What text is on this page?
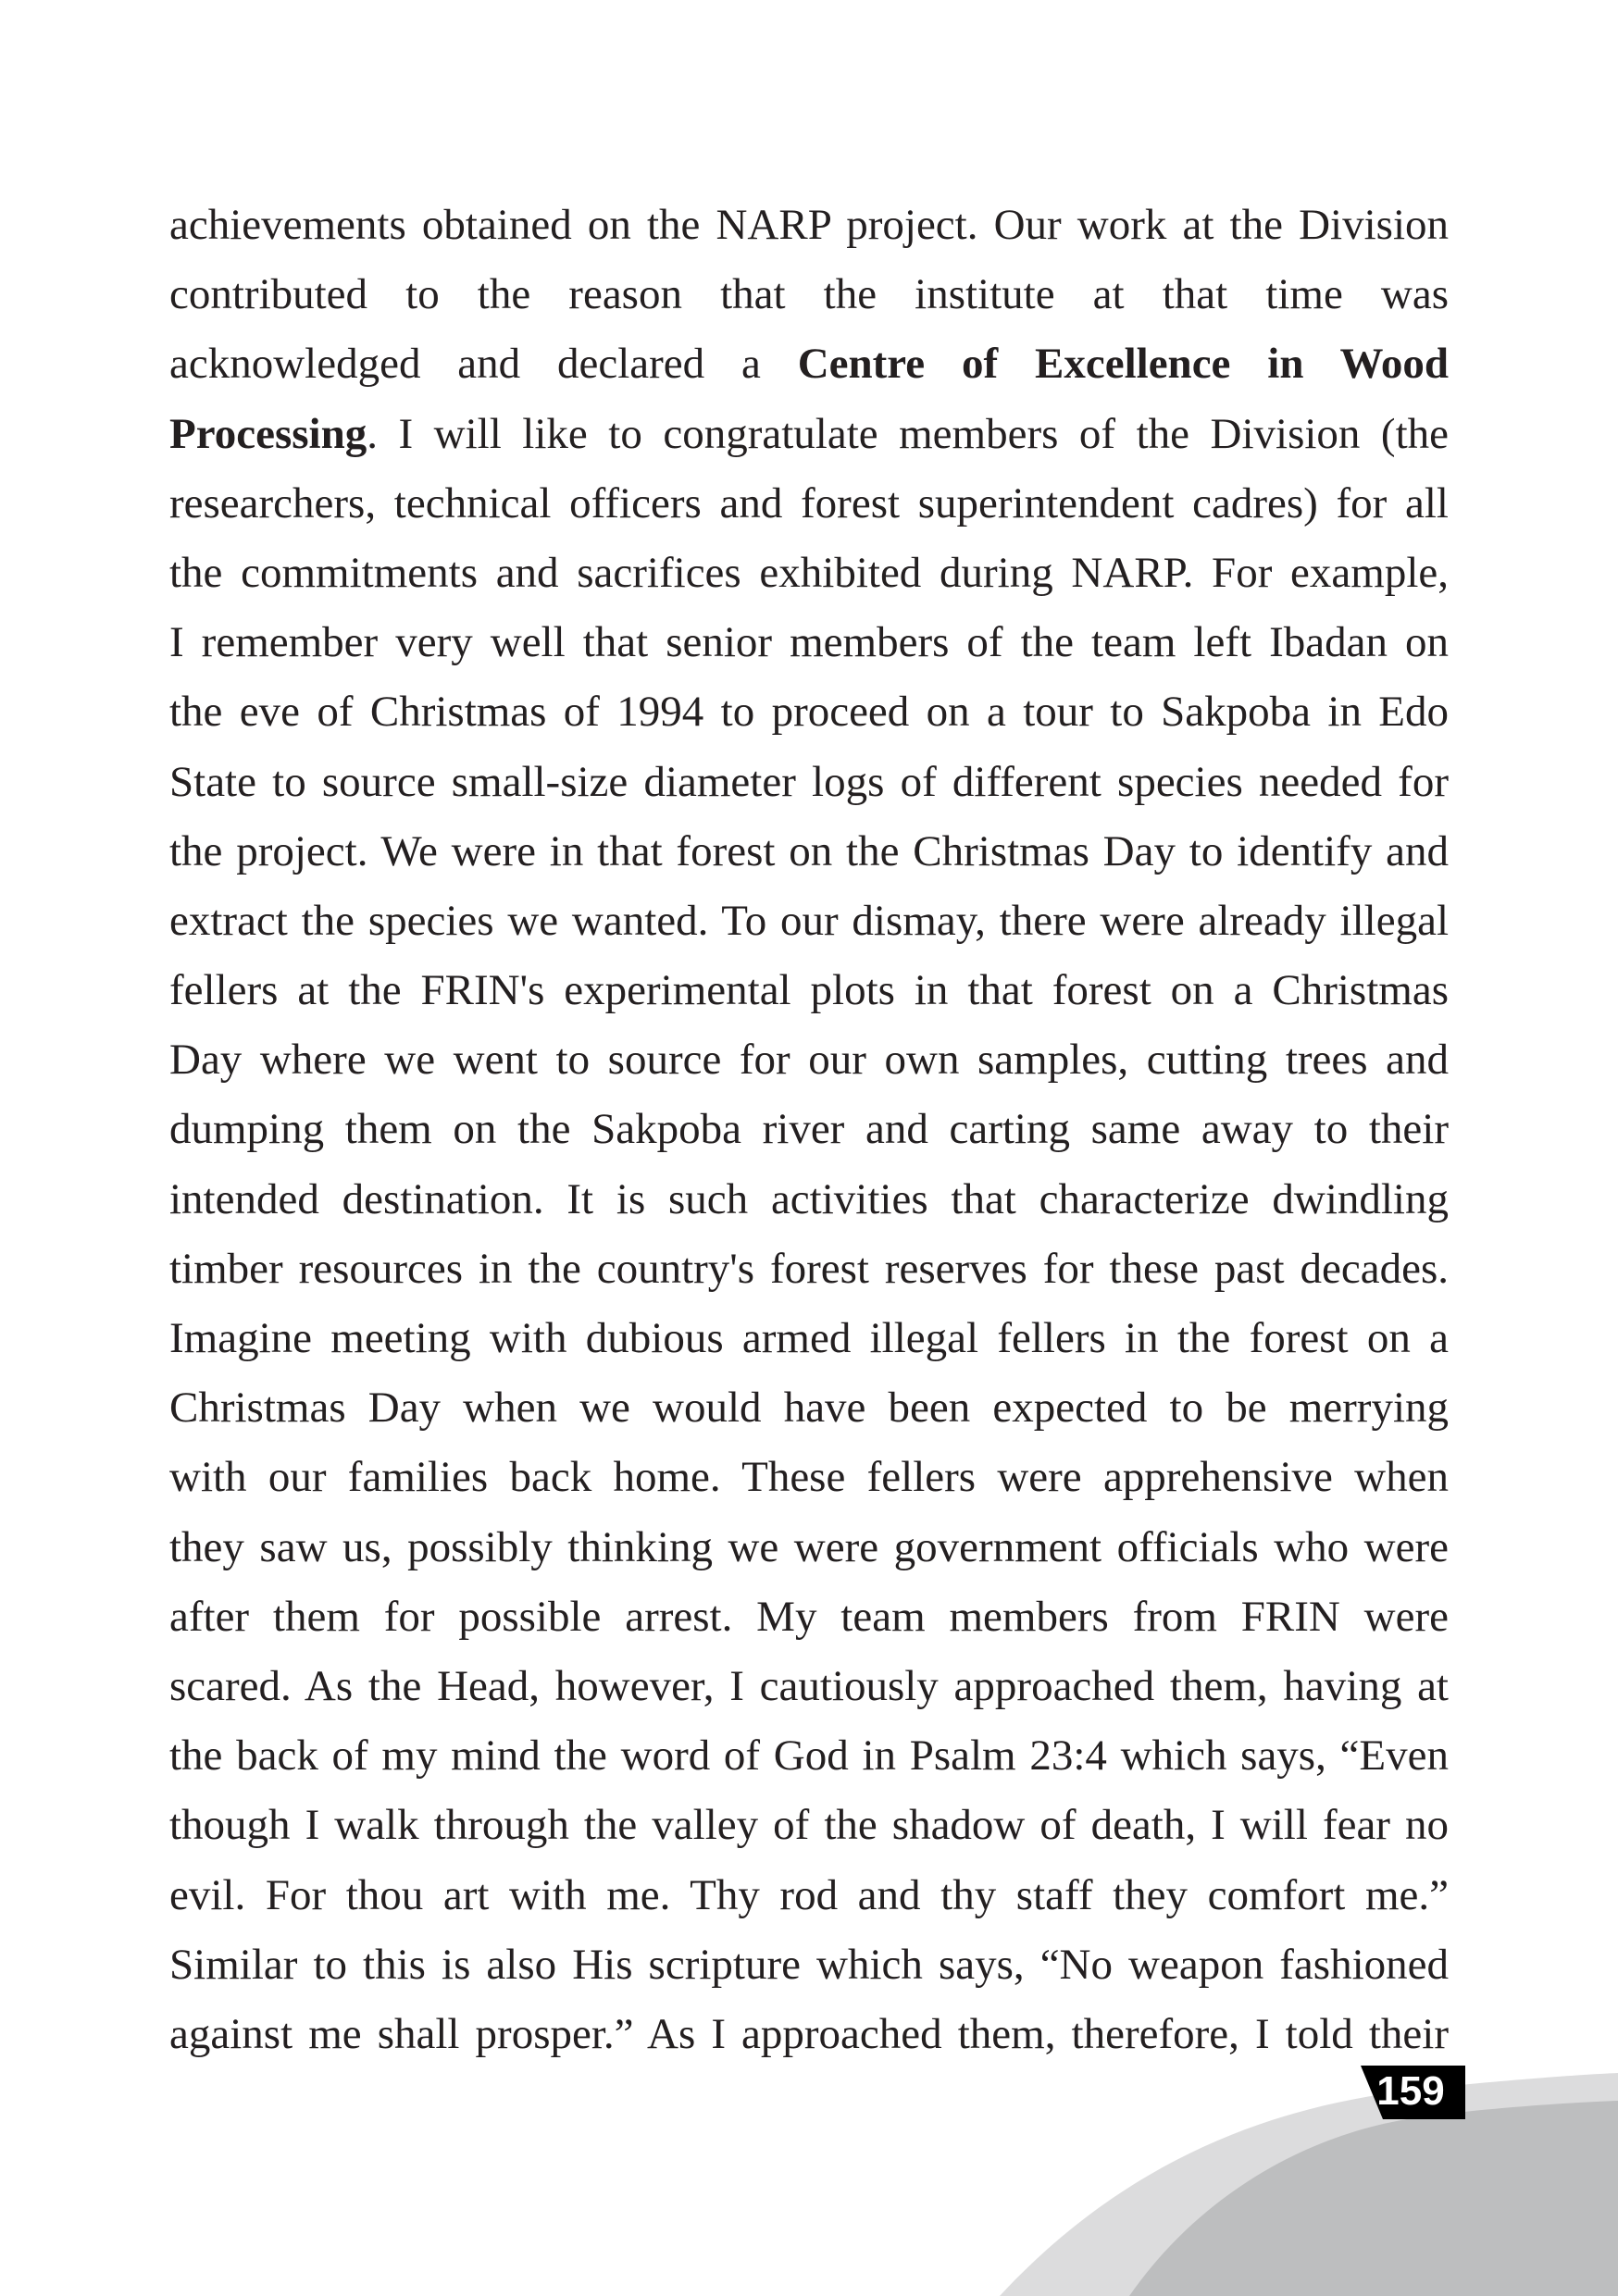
achievements obtained on the NARP project. Our work at the Division
contributed to the reason that the institute at that time was
acknowledged and declared a Centre of Excellence in Wood
Processing. I will like to congratulate members of the Division (the
researchers, technical officers and forest superintendent cadres) for all
the commitments and sacrifices exhibited during NARP. For example,
I remember very well that senior members of the team left Ibadan on
the eve of Christmas of 1994 to proceed on a tour to Sakpoba in Edo
State to source small-size diameter logs of different species needed for
the project. We were in that forest on the Christmas Day to identify and
extract the species we wanted. To our dismay, there were already illegal
fellers at the FRIN's experimental plots in that forest on a Christmas
Day where we went to source for our own samples, cutting trees and
dumping them on the Sakpoba river and carting same away to their
intended destination. It is such activities that characterize dwindling
timber resources in the country's forest reserves for these past decades.
Imagine meeting with dubious armed illegal fellers in the forest on a
Christmas Day when we would have been expected to be merrying
with our families back home. These fellers were apprehensive when
they saw us, possibly thinking we were government officials who were
after them for possible arrest. My team members from FRIN were
scared. As the Head, however, I cautiously approached them, having at
the back of my mind the word of God in Psalm 23:4 which says, “Even
though I walk through the valley of the shadow of death, I will fear no
evil. For thou art with me. Thy rod and thy staff they comfort me.”
Similar to this is also His scripture which says, “No weapon fashioned
against me shall prosper.” As I approached them, therefore, I told their
159
